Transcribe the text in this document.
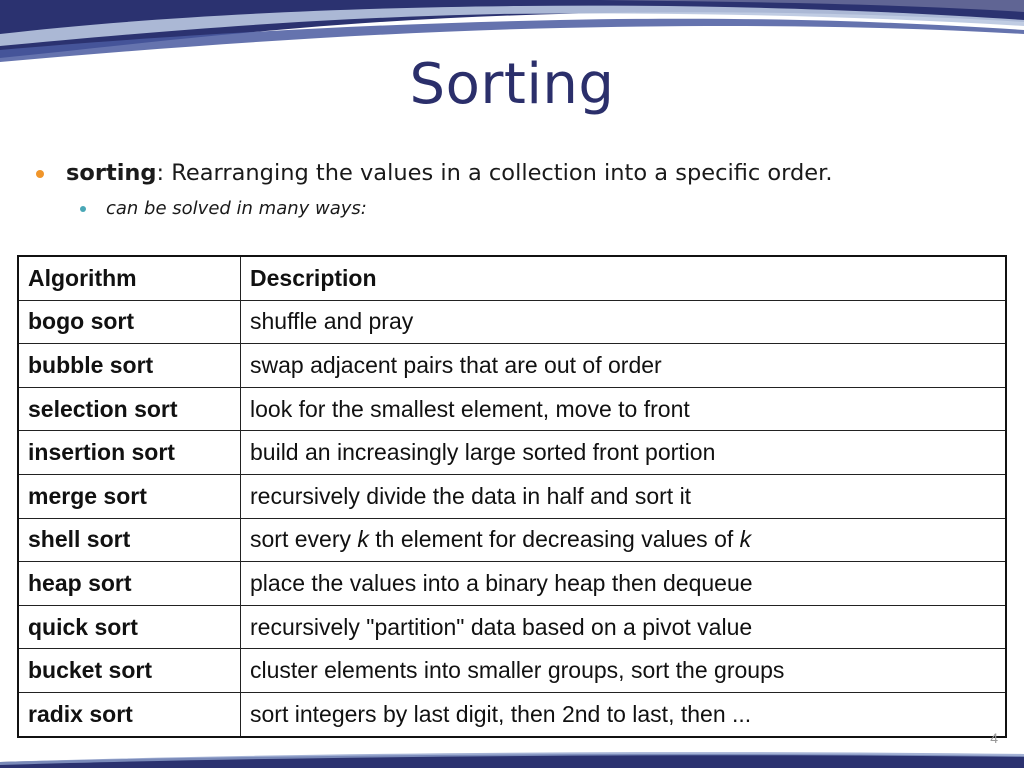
Sorting
sorting: Rearranging the values in a collection into a specific order.
can be solved in many ways:
Algorithm	Description
bogo sort	shuffle and pray
bubble sort	swap adjacent pairs that are out of order
selection sort	look for the smallest element, move to front
insertion sort	build an increasingly large sorted front portion
merge sort	recursively divide the data in half and sort it
shell sort	sort every k th element for decreasing values of k
heap sort	place the values into a binary heap then dequeue
quick sort	recursively "partition" data based on a pivot value
bucket sort	cluster elements into smaller groups, sort the groups
radix sort	sort integers by last digit, then 2nd to last, then ...
4
